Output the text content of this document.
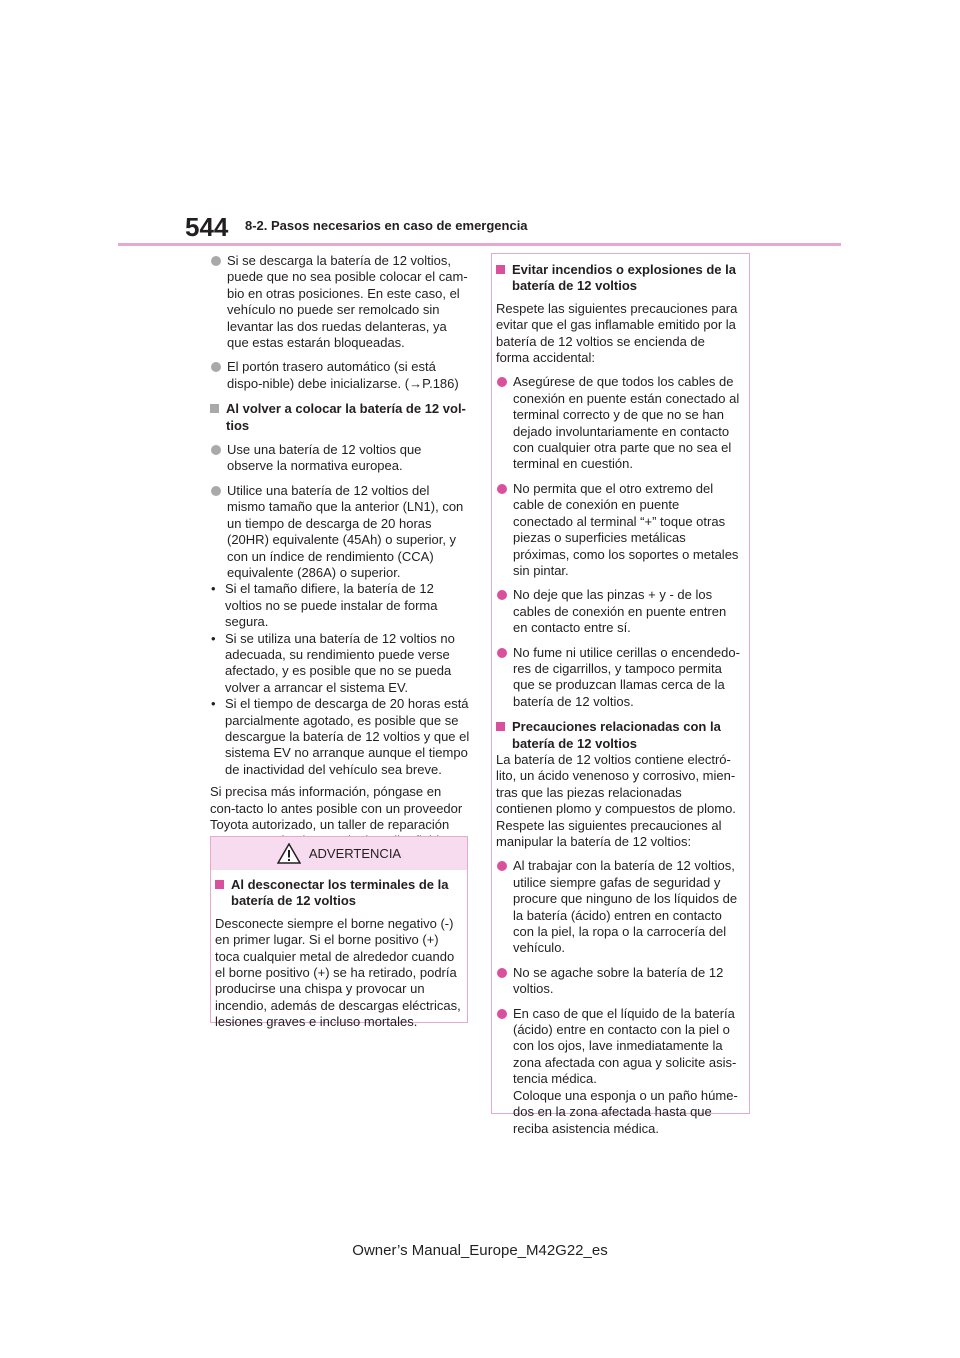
544 8-2. Pasos necesarios en caso de emergencia
Si se descarga la batería de 12 voltios, puede que no sea posible colocar el cam-bio en otras posiciones. En este caso, el vehículo no puede ser remolcado sin levantar las dos ruedas delanteras, ya que estas estarán bloqueadas.
El portón trasero automático (si está dispo-nible) debe inicializarse. (→P.186)
Al volver a colocar la batería de 12 vol-tios
Use una batería de 12 voltios que observe la normativa europea.
Utilice una batería de 12 voltios del mismo tamaño que la anterior (LN1), con un tiempo de descarga de 20 horas (20HR) equivalente (45Ah) o superior, y con un índice de rendimiento (CCA) equivalente (286A) o superior.
• Si el tamaño difiere, la batería de 12 voltios no se puede instalar de forma segura.
• Si se utiliza una batería de 12 voltios no adecuada, su rendimiento puede verse afectado, y es posible que no se pueda volver a arrancar el sistema EV.
• Si el tiempo de descarga de 20 horas está parcialmente agotado, es posible que se descargue la batería de 12 voltios y que el sistema EV no arranque aunque el tiempo de inactividad del vehículo sea breve.
Si precisa más información, póngase en con-tacto lo antes posible con un proveedor Toyota autorizado, un taller de reparación
ADVERTENCIA
Al desconectar los terminales de la batería de 12 voltios
Desconecte siempre el borne negativo (-) en primer lugar. Si el borne positivo (+) toca cualquier metal de alrededor cuando el borne positivo (+) se ha retirado, podría producirse una chispa y provocar un incendio, además de descargas eléctricas, lesiones graves e incluso mortales.
Evitar incendios o explosiones de la batería de 12 voltios
Respete las siguientes precauciones para evitar que el gas inflamable emitido por la batería de 12 voltios se encienda de forma accidental:
Asegúrese de que todos los cables de conexión en puente están conectado al terminal correcto y de que no se han dejado involuntariamente en contacto con cualquier otra parte que no sea el terminal en cuestión.
No permita que el otro extremo del cable de conexión en puente conectado al terminal “+” toque otras piezas o superficies metálicas próximas, como los soportes o metales sin pintar.
No deje que las pinzas + y - de los cables de conexión en puente entren en contacto entre sí.
No fume ni utilice cerillas o encendedo-res de cigarrillos, y tampoco permita que se produzcan llamas cerca de la batería de 12 voltios.
Precauciones relacionadas con la batería de 12 voltios
La batería de 12 voltios contiene electró-lito, un ácido venenoso y corrosivo, mien-tras que las piezas relacionadas contienen plomo y compuestos de plomo. Respete las siguientes precauciones al manipular la batería de 12 voltios:
Al trabajar con la batería de 12 voltios, utilice siempre gafas de seguridad y procure que ninguno de los líquidos de la batería (ácido) entren en contacto con la piel, la ropa o la carrocería del vehículo.
No se agache sobre la batería de 12 voltios.
En caso de que el líquido de la batería (ácido) entre en contacto con la piel o con los ojos, lave inmediatamente la zona afectada con agua y solicite asis-tencia médica.
Coloque una esponja o un paño húme-dos en la zona afectada hasta que reciba asistencia médica.
Owner’s Manual_Europe_M42G22_es
